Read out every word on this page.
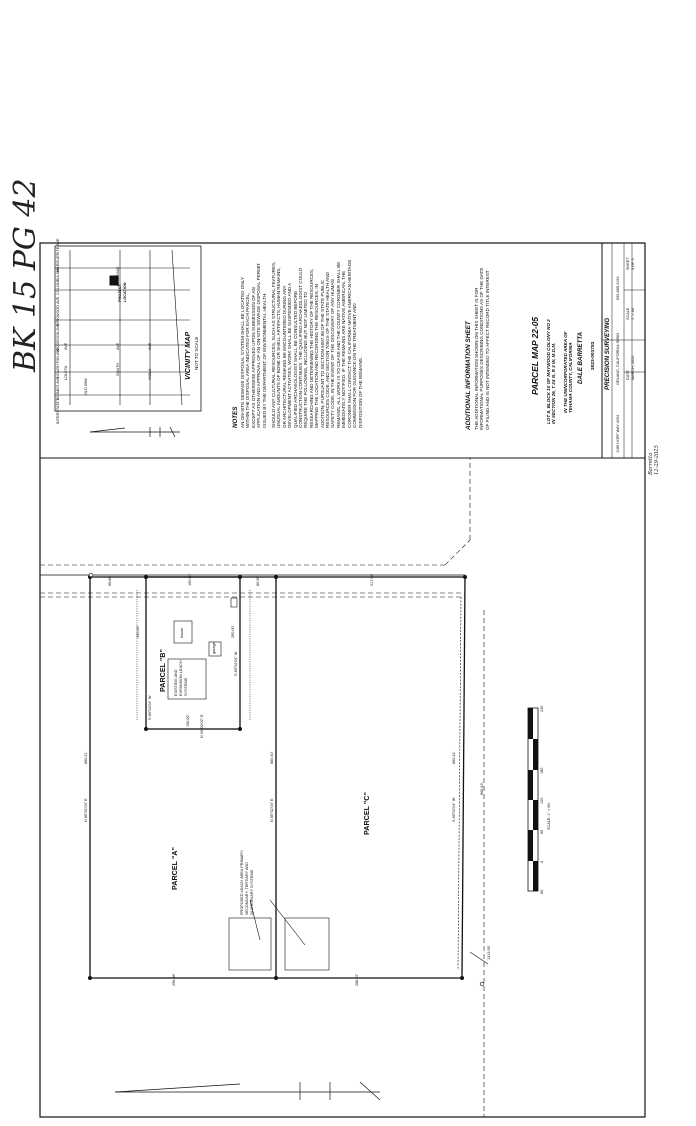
BK 15 PG 42	VICINITY MAP NOT TO SCALE
MARGUERITE AVE
COLUMBIA AVE
KIRKWOOD AVE
RAILROAD
WOODSON AVE
HOUGHTON AVE
TOOMES AVE	OLD 99W
INTERSTATE 5
LOLETA
AVE
SOUTH
AVE
VIOLA
AVE
PROJECT LOCATION
NOTES AN ON-SITE SEWAGE DISPOSAL SYSTEM SHALL BE LOCATED ONLY WITHIN THE DISPOSAL AREA INDICATED FOR EACH PARCEL, EXCEPT AS OTHERWISE APPROVED UPON SUBMISSION OF AN APPLICATION AND APPROVAL OF AN ON-SITE SEWAGE DISPOSAL PERMIT ISSUED BY THE DEPARTMENT OF ENVIRONMENTAL HEALTH. SHOULD ANY CULTURAL RESOURCES, SUCH AS STRUCTURAL FEATURES, UNUSUAL AMOUNTS OF BONE OR SHELL ARTIFACTS, HUMAN REMAINS, OR ARCHITECTURAL REMAINS BE ENCOUNTERED DURING ANY DEVELOPMENT ACTIVITIES, WORK SHALL BE SUSPENDED AND A QUALIFIED ARCHAEOLOGIST SHALL BE CONSULTED BEFORE CONSTRUCTION CONTINUES. THE QUALIFIED ARCHAEOLOGIST COULD REQUIRE THE FOLLOWING, INCLUDING BUT NOT LIMITED TO RESEARCHING AND DETERMINING THE HISTORY OF THE RESOURCES, MAPPING THE LOCATION AND RECORDING THE RESOURCES. IN ADDITION, PURSUANT TO SECTION 5097.98 OF THE STATE PUBLIC RESOURCES CODE, AND SECTION 7050.5 OF THE STATE HEALTH AND SAFETY CODE, IN THE EVENT OF THE DISCOVERY OF ANY HUMAN REMAINS, ALL WORK IS TO CEASE AND THE COUNTY CORONER SHALL BE IMMEDIATELY NOTIFIED. IF THE REMAINS ARE NATIVE AMERICAN, THE CORONER SHALL CONTACT THE CALIFORNIA NATIVE AMERICAN HERITAGE COMMISSION FOR GUIDANCE ON THE TREATMENT AND DISPOSITION OF THE REMAINS.	ADDITIONAL INFORMATION SHEET THE ADDITIONAL INFORMATION SHOWN ON THIS SHEET IS FOR INFORMATIONAL PURPOSES DESCRIBING CONDITIONS AS OF THE DATE OF FILING AND IS NOT INTENDED TO AFFECT RECORD TITLE INTEREST	PARCEL MAP 22-05 LOT 8, BLOCK 10 OF MAYWOOD COLONY NO 2 IN SECTION 26, T 24 N, R 3 W, M.D.M. IN THE UNINCORPORATED AREA OF TEHAMA COUNTY, CALIFORNIA DALE BARRETTA 2023-003783 PRECISION SURVEYING
1165 HOFF WAY #204
ORLAND, CALIFORNIA 95963
530-865-4194
DATE MARCH, 2024
SCALE 1" = 60'
SHEET 3 OF 3
Barretta 12-29-2025
PARCEL "A"
PARCEL "B"
PARCEL "C"
EXISTING AND EXPANSION LEACH SYSTEMS
house
garage
PROPOSED LEACH AREA PRIMARY, SECONDARY, TERTIARY AND QUATERNARY SYSTEMS
65.86'	150.00'	60.00'	217.06'
290.00'	290.00'
S 89°52'04" W
S 89°52'04" W
150.00'	N 00°00'02" E
660.41'
N 89°52'04" E
660.40'
N 89°52'04" E
660.42'
S 89°52'04" W
660.43'
295.86'	268.07'
1319.59'
60
0
60
120
180
240
SCALE: 1" = 60'
